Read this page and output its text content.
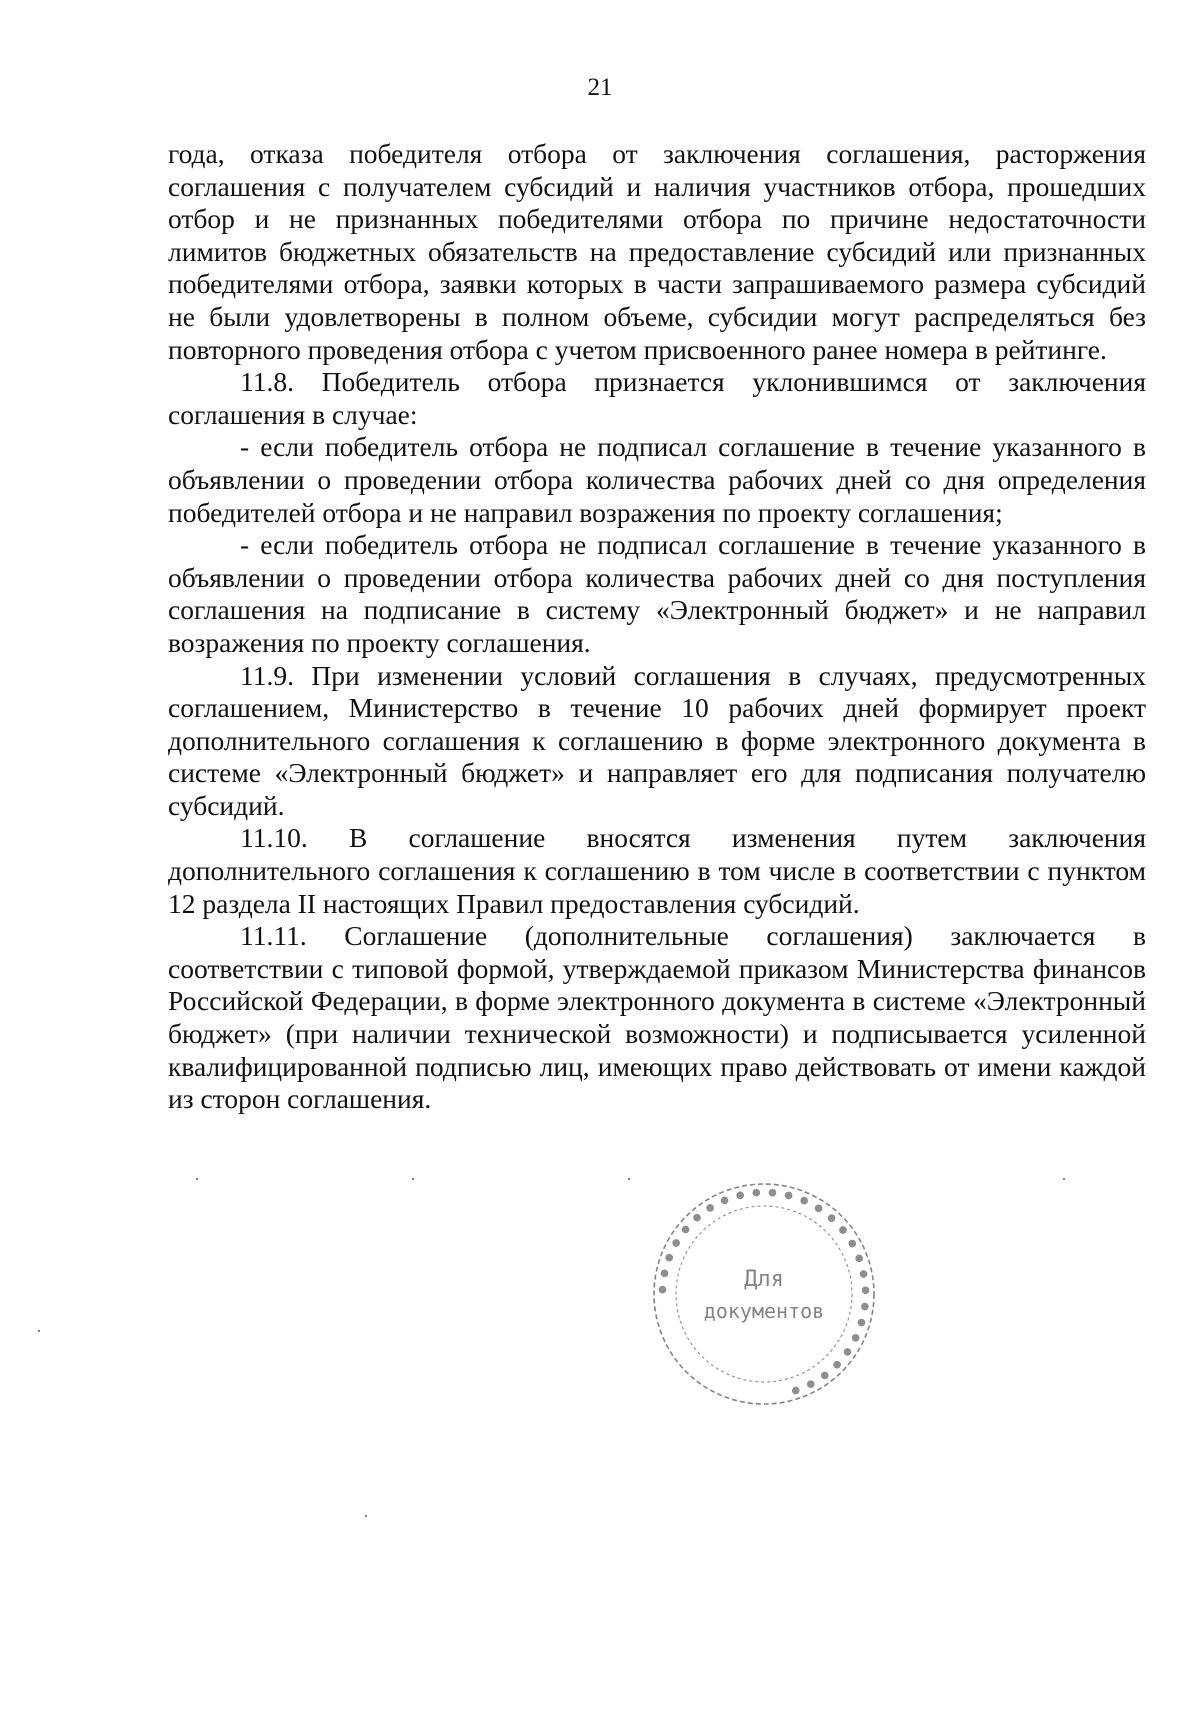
21

года, отказа победителя отбора от заключения соглашения, расторжения соглашения с получателем субсидий и наличия участников отбора, прошедших отбор и не признанных победителями отбора по причине недостаточности лимитов бюджетных обязательств на предоставление субсидий или признанных победителями отбора, заявки которых в части запрашиваемого размера субсидий не были удовлетворены в полном объеме, субсидии могут распределяться без повторного проведения отбора с учетом присвоенного ранее номера в рейтинге.

11.8. Победитель отбора признается уклонившимся от заключения соглашения в случае:

- если победитель отбора не подписал соглашение в течение указанного в объявлении о проведении отбора количества рабочих дней со дня определения победителей отбора и не направил возражения по проекту соглашения;

- если победитель отбора не подписал соглашение в течение указанного в объявлении о проведении отбора количества рабочих дней со дня поступления соглашения на подписание в систему «Электронный бюджет» и не направил возражения по проекту соглашения.

11.9. При изменении условий соглашения в случаях, предусмотренных соглашением, Министерство в течение 10 рабочих дней формирует проект дополнительного соглашения к соглашению в форме электронного документа в системе «Электронный бюджет» и направляет его для подписания получателю субсидий.

11.10. В соглашение вносятся изменения путем заключения дополнительного соглашения к соглашению в том числе в соответствии с пунктом 12 раздела II настоящих Правил предоставления субсидий.

11.11. Соглашение (дополнительные соглашения) заключается в соответствии с типовой формой, утверждаемой приказом Министерства финансов Российской Федерации, в форме электронного документа в системе «Электронный бюджет» (при наличии технической возможности) и подписывается усиленной квалифицированной подписью лиц, имеющих право действовать от имени каждой из сторон соглашения.

● ● ● ● ● ● ● ● ● ● ● ● ● ● ● ● ● ● ● ● ● ● ● ● ● ● ● ●
Для
документов
